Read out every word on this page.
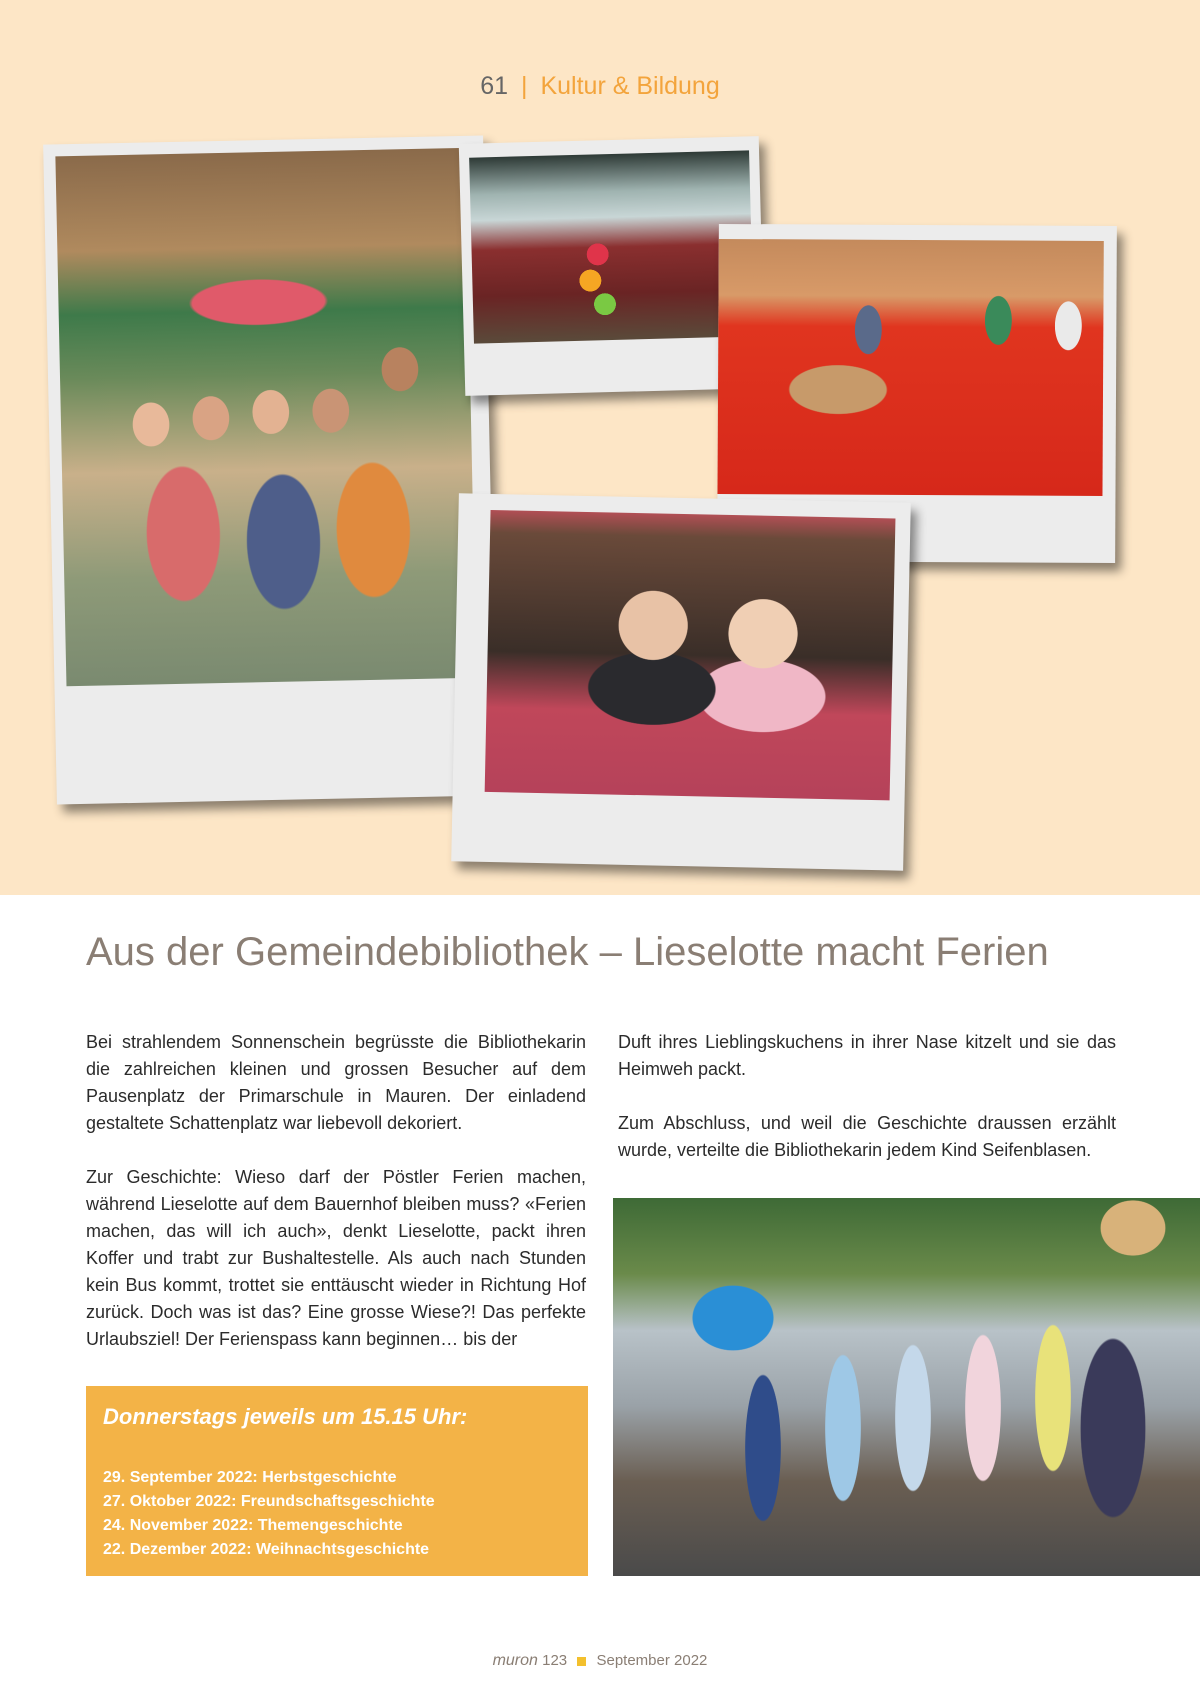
61 | Kultur & Bildung
Aus der Gemeindebibliothek – Lieselotte macht Ferien

Bei strahlendem Sonnenschein begrüsste die Bibliothekarin die zahlreichen kleinen und grossen Besucher auf dem Pausenplatz der Primarschule in Mauren. Der einladend gestaltete Schattenplatz war liebevoll dekoriert.

Zur Geschichte: Wieso darf der Pöstler Ferien machen, während Lieselotte auf dem Bauernhof bleiben muss? «Ferien machen, das will ich auch», denkt Lieselotte, packt ihren Koffer und trabt zur Bushaltestelle. Als auch nach Stunden kein Bus kommt, trottet sie enttäuscht wieder in Richtung Hof zurück. Doch was ist das? Eine grosse Wiese?! Das perfekte Urlaubsziel! Der Ferienspass kann beginnen… bis der

Duft ihres Lieblingskuchens in ihrer Nase kitzelt und sie das Heimweh packt.

Zum Abschluss, und weil die Geschichte draussen erzählt wurde, verteilte die Bibliothekarin jedem Kind Seifenblasen.

Donnerstags jeweils um 15.15 Uhr:
29. September 2022: Herbstgeschichte
27. Oktober 2022: Freundschaftsgeschichte
24. November 2022: Themengeschichte
22. Dezember 2022: Weihnachtsgeschichte
muron 123 September 2022
